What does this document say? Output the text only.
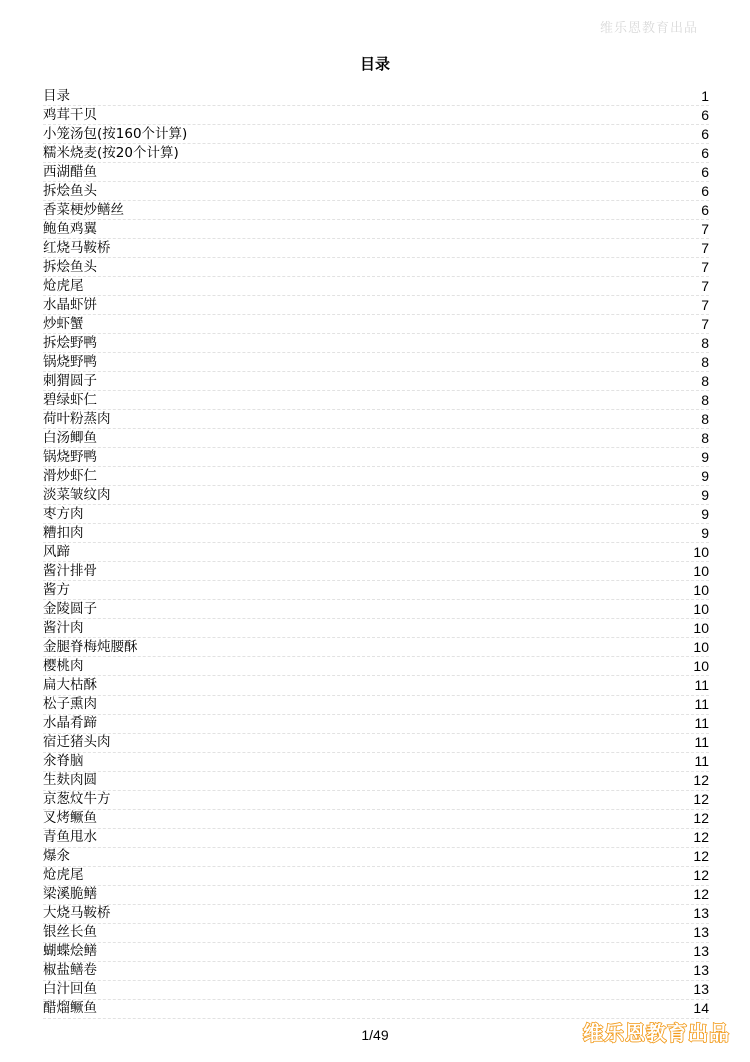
维乐恩教育出品
目录
目录	1
鸡茸干贝	6
小笼汤包(按160个计算)	6
糯米烧麦(按20个计算)	6
西湖醋鱼	6
拆烩鱼头	6
香菜梗炒鳝丝	6
鲍鱼鸡翼	7
红烧马鞍桥	7
拆烩鱼头	7
炝虎尾	7
水晶虾饼	7
炒虾蟹	7
拆烩野鸭	8
锅烧野鸭	8
刺猬圆子	8
碧绿虾仁	8
荷叶粉蒸肉	8
白汤鲫鱼	8
锅烧野鸭	9
滑炒虾仁	9
淡菜皱纹肉	9
枣方肉	9
糟扣肉	9
风蹄	10
酱汁排骨	10
酱方	10
金陵圆子	10
酱汁肉	10
金腿脊梅炖腰酥	10
樱桃肉	10
扁大枯酥	11
松子熏肉	11
水晶肴蹄	11
宿迁猪头肉	11
氽脊脑	11
生麸肉圆	12
京葱炆牛方	12
叉烤鳜鱼	12
青鱼甩水	12
爆氽	12
炝虎尾	12
梁溪脆鳝	12
大烧马鞍桥	13
银丝长鱼	13
蝴蝶烩鳝	13
椒盐鳝卷	13
白汁回鱼	13
醋熘鳜鱼	14
1/49	维乐恩教育出品
